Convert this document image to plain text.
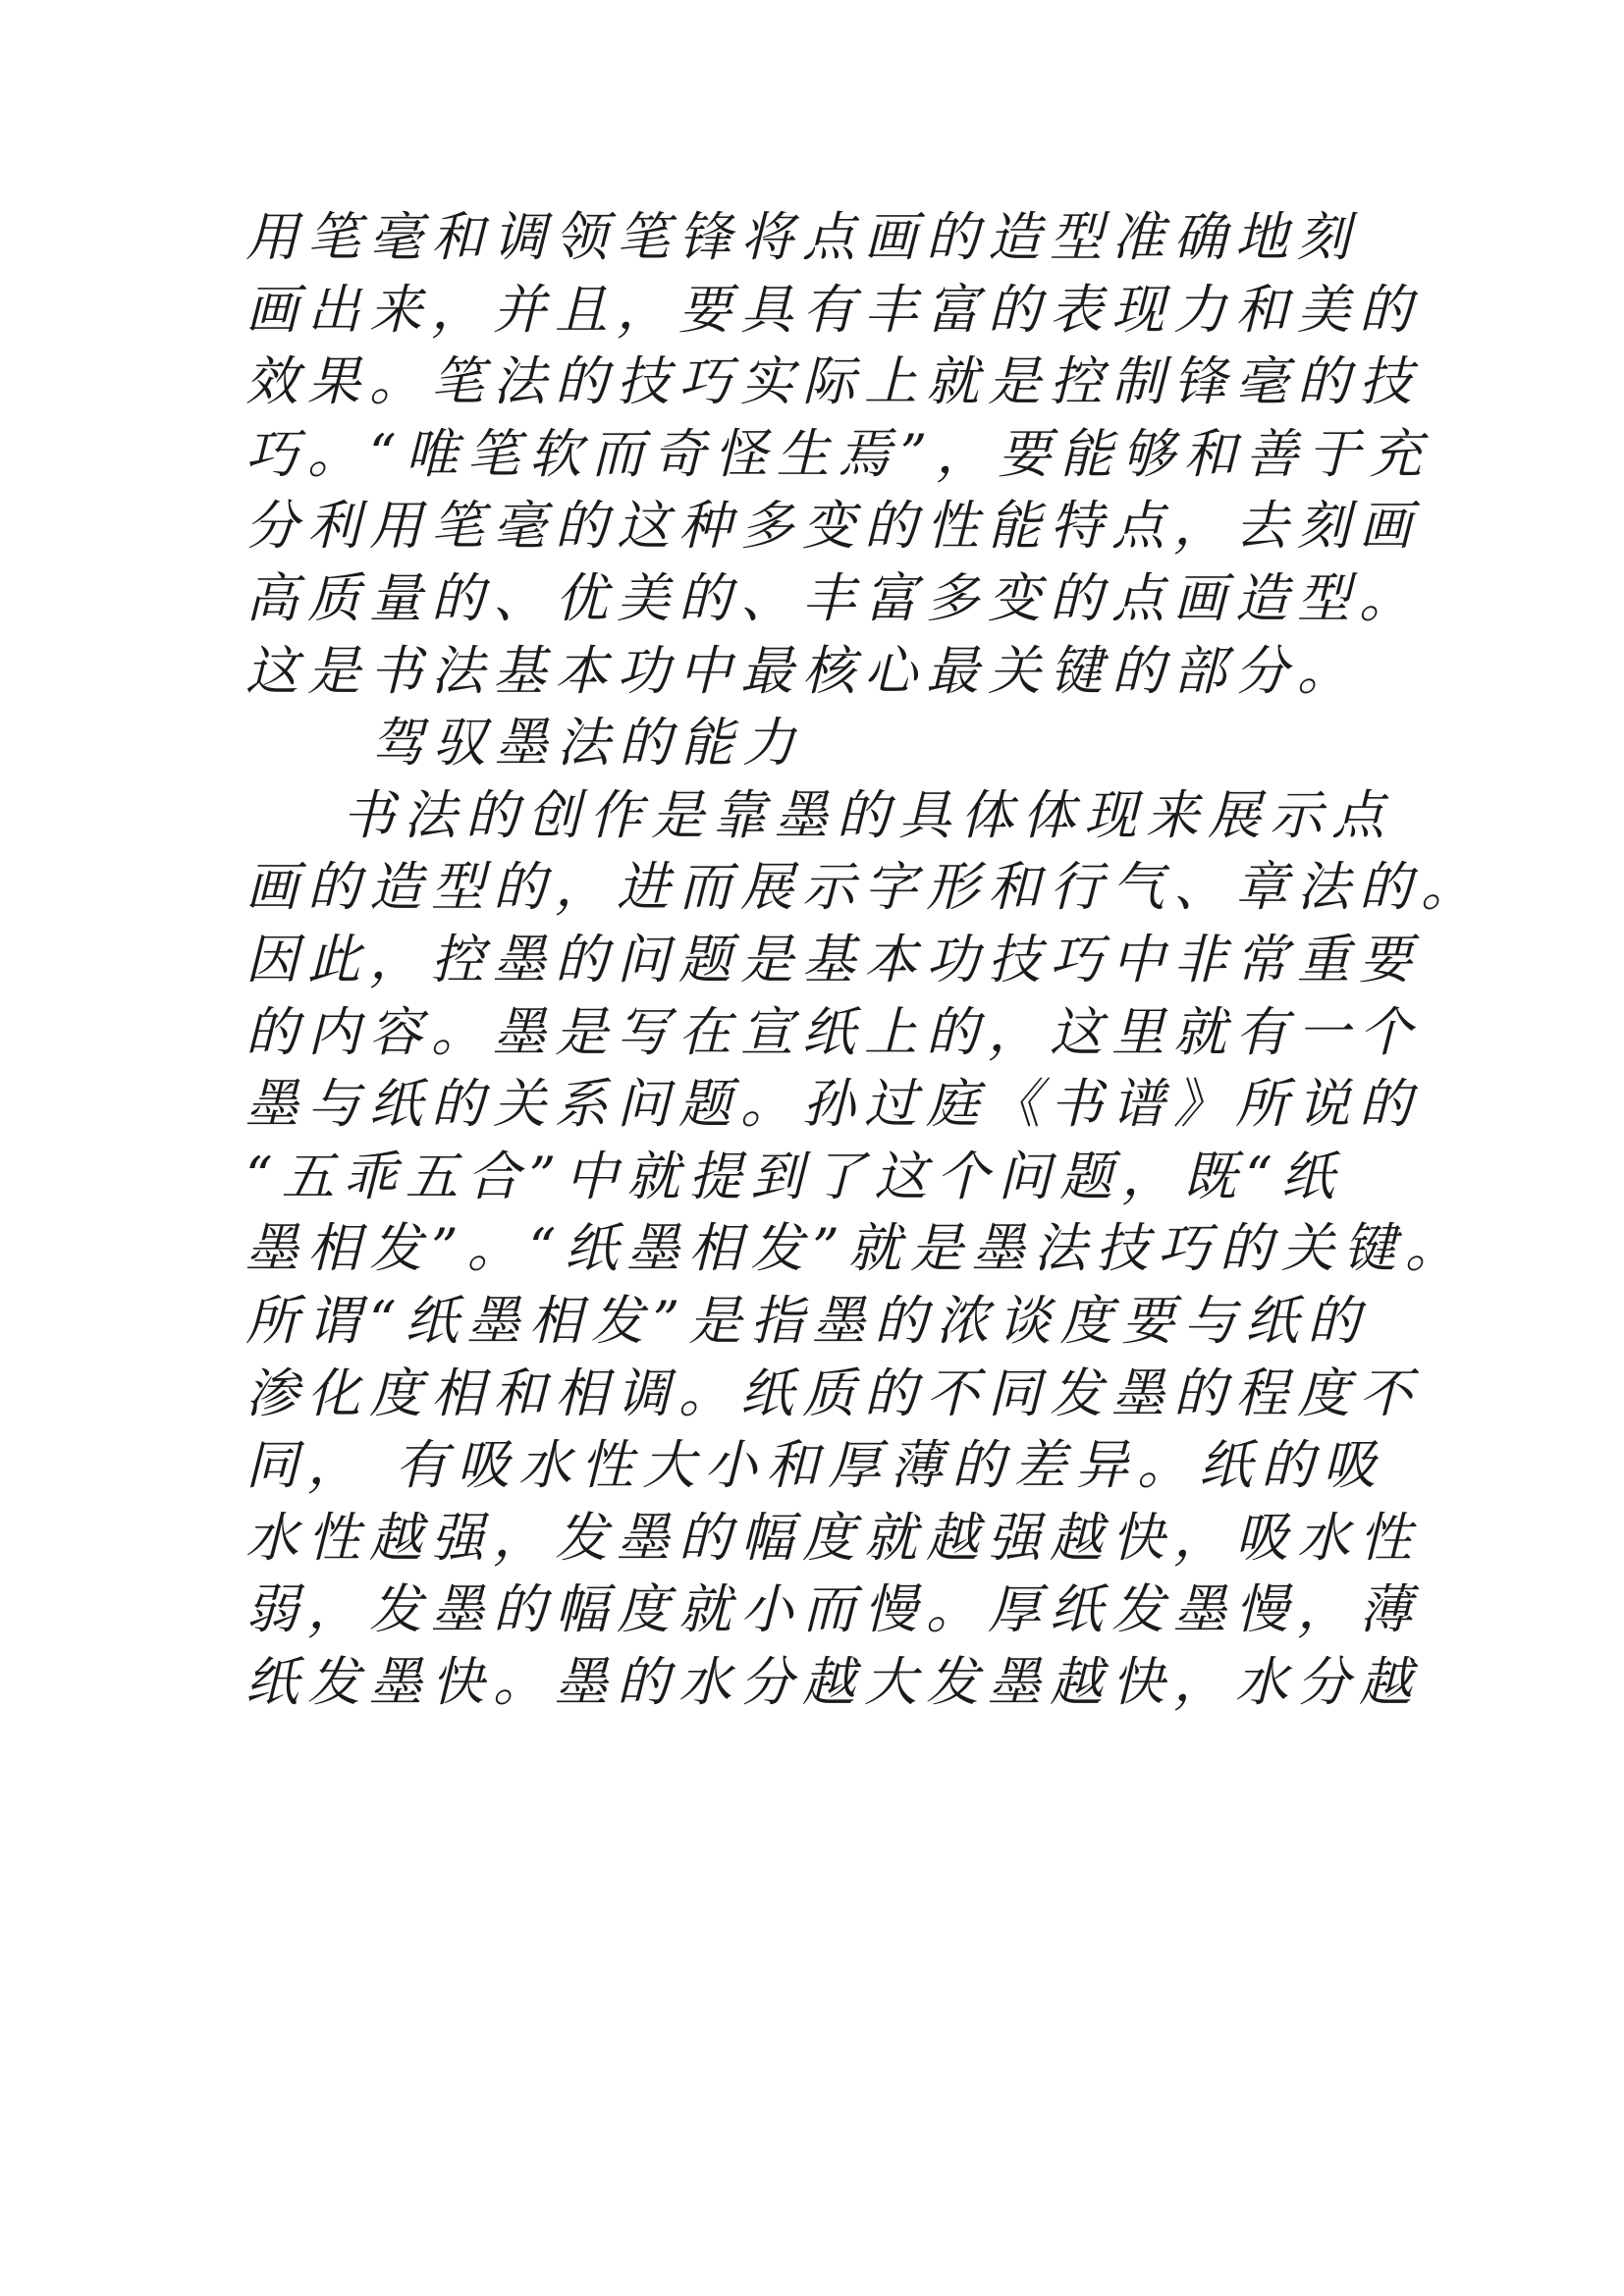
用笔毫和调领笔锋将点画的造型准确地刻
画出来，并且，要具有丰富的表现力和美的
效果。笔法的技巧实际上就是控制锋毫的技
巧。“唯笔软而奇怪生焉”，要能够和善于充
分利用笔毫的这种多变的性能特点，去刻画
高质量的、优美的、丰富多变的点画造型。
这是书法基本功中最核心最关键的部分。
驾驭墨法的能力
书法的创作是靠墨的具体体现来展示点
画的造型的，进而展示字形和行气、章法的。
因此，控墨的问题是基本功技巧中非常重要
的内容。墨是写在宣纸上的，这里就有一个
墨与纸的关系问题。孙过庭《书谱》所说的
“五乖五合”中就提到了这个问题，既“纸
墨相发”。“纸墨相发”就是墨法技巧的关键。
所谓“纸墨相发”是指墨的浓谈度要与纸的
渗化度相和相调。纸质的不同发墨的程度不
同， 有吸水性大小和厚薄的差异。纸的吸
水性越强，发墨的幅度就越强越快，吸水性
弱，发墨的幅度就小而慢。厚纸发墨慢，薄
纸发墨快。墨的水分越大发墨越快，水分越
